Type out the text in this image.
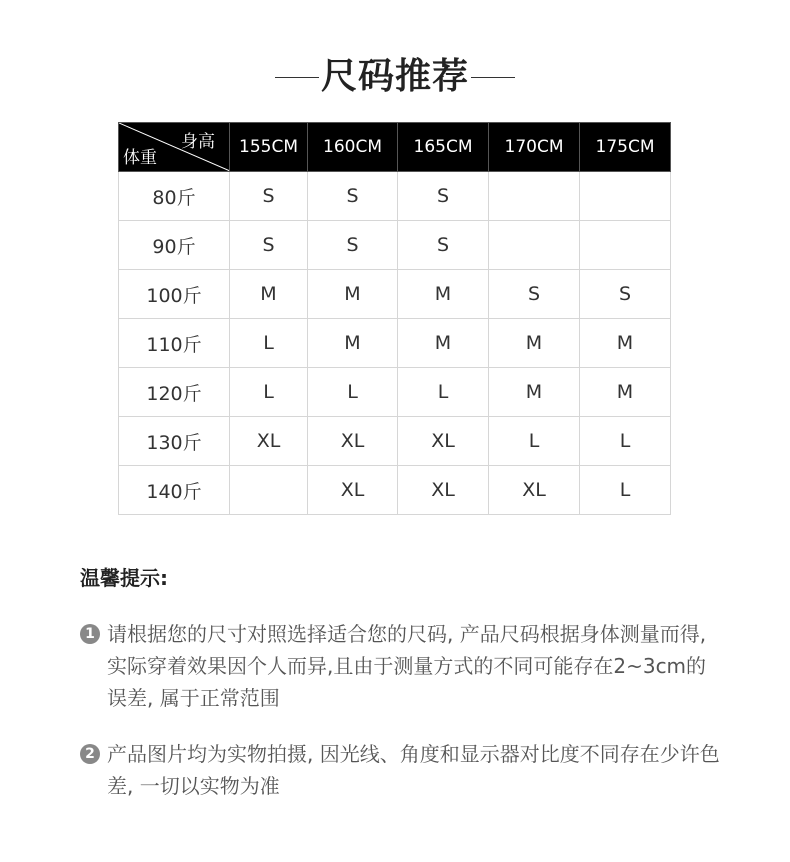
尺码推荐
身高
体重	155CM	160CM	165CM	170CM	175CM
80斤	S	S	S		
90斤	S	S	S		
100斤	M	M	M	S	S
110斤	L	M	M	M	M
120斤	L	L	L	M	M
130斤	XL	XL	XL	L	L
140斤		XL	XL	XL	L
温馨提示:
1 请根据您的尺寸对照选择适合您的尺码, 产品尺码根据身体测量而得, 实际穿着效果因个人而异,且由于测量方式的不同可能存在2~3cm的误差, 属于正常范围
2 产品图片均为实物拍摄, 因光线、角度和显示器对比度不同存在少许色差, 一切以实物为准
